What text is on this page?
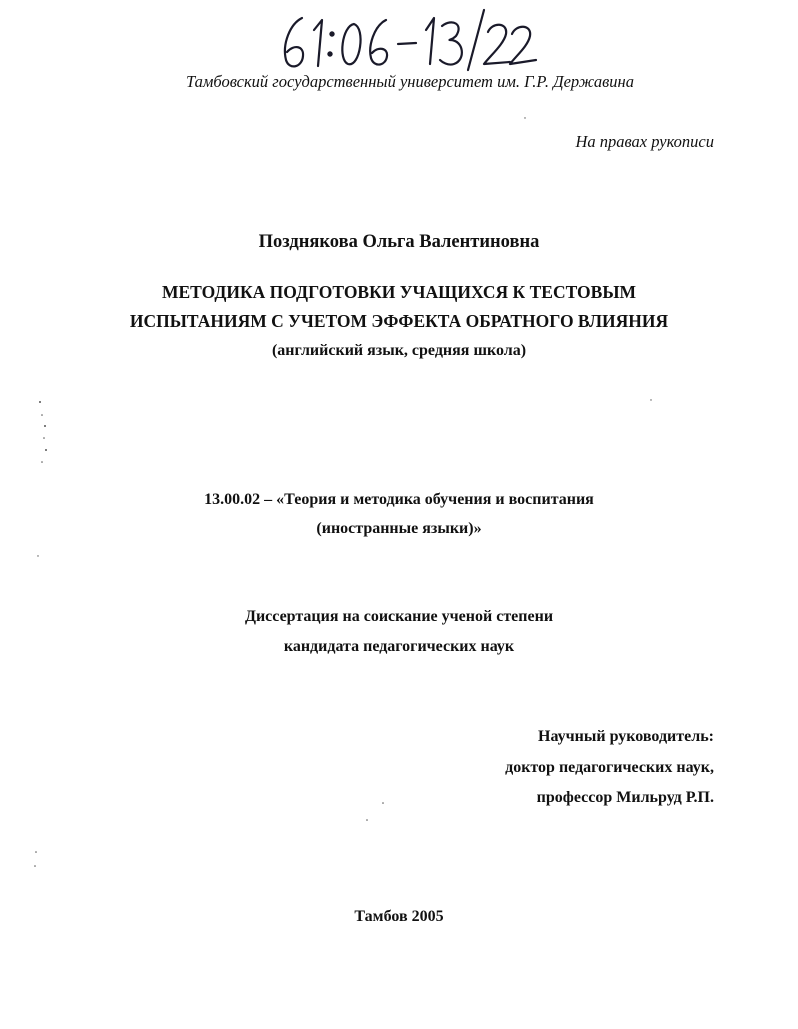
Тамбовский государственный университет им. Г.Р. Державина
На правах рукописи
Позднякова Ольга Валентиновна
МЕТОДИКА ПОДГОТОВКИ УЧАЩИХСЯ К ТЕСТОВЫМ
ИСПЫТАНИЯМ С УЧЕТОМ ЭФФЕКТА ОБРАТНОГО ВЛИЯНИЯ
(английский язык, средняя школа)
13.00.02 – «Теория и методика обучения и воспитания
(иностранные языки)»
Диссертация на соискание ученой степени
кандидата педагогических наук
Научный руководитель:
доктор педагогических наук,
профессор Мильруд Р.П.
Тамбов 2005
